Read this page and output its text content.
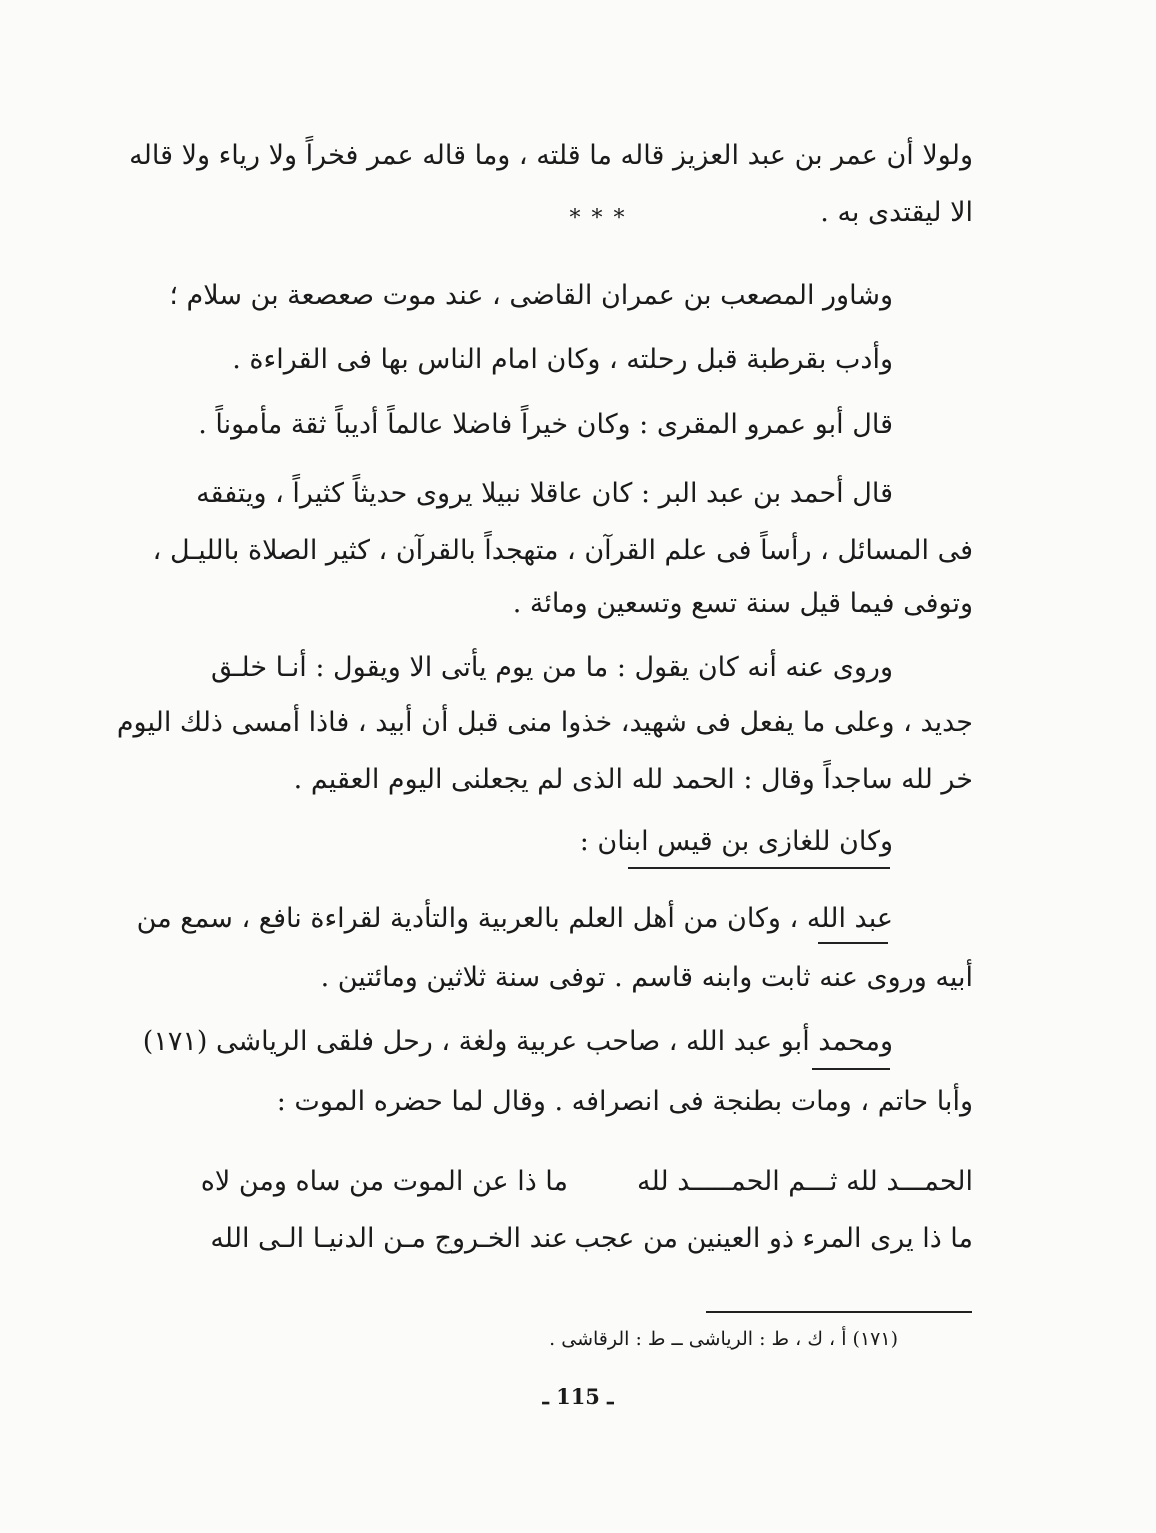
ولولا أن عمر بن عبد العزيز قاله ما قلته ، وما قاله عمر فخراً ولا رياء ولا قاله
الا ليقتدى به .
* * *
وشاور المصعب بن عمران القاضى ، عند موت صعصعة بن سلام ؛
وأدب بقرطبة قبل رحلته ، وكان امام الناس بها فى القراءة .
قال أبو عمرو المقرى : وكان خيراً فاضلا عالماً أديباً ثقة مأموناً .
قال أحمد بن عبد البر : كان عاقلا نبيلا يروى حديثاً كثيراً ، ويتفقه
فى المسائل ، رأساً فى علم القرآن ، متهجداً بالقرآن ، كثير الصلاة بالليـل ،
وتوفى فيما قيل سنة تسع وتسعين ومائة .
وروى عنه أنه كان يقول : ما من يوم يأتى الا ويقول : أنـا خلـق
جديد ، وعلى ما يفعل فى شهيد، خذوا منى قبل أن أبيد ، فاذا أمسى ذلك اليوم
خر لله ساجداً وقال : الحمد لله الذى لم يجعلنى اليوم العقيم .
وكان للغازى بن قيس ابنان :
عبد الله ، وكان من أهل العلم بالعربية والتأدية لقراءة نافع ، سمع من
أبيه وروى عنه ثابت وابنه قاسم . توفى سنة ثلاثين ومائتين .
ومحمد أبو عبد الله ، صاحب عربية ولغة ، رحل فلقى الرياشى (١٧١)
وأبا حاتم ، ومات بطنجة فى انصرافه . وقال لما حضره الموت :
الحمـــد لله ثـــم الحمـــــد لله
ما ذا عن الموت من ساه ومن لاه
ما ذا يرى المرء ذو العينين من عجب
عند الخـروج مـن الدنيـا الـى الله
(١٧١) أ ، ك ، ط : الرياشى ــ ط : الرقاشى .
ـ 115 ـ
